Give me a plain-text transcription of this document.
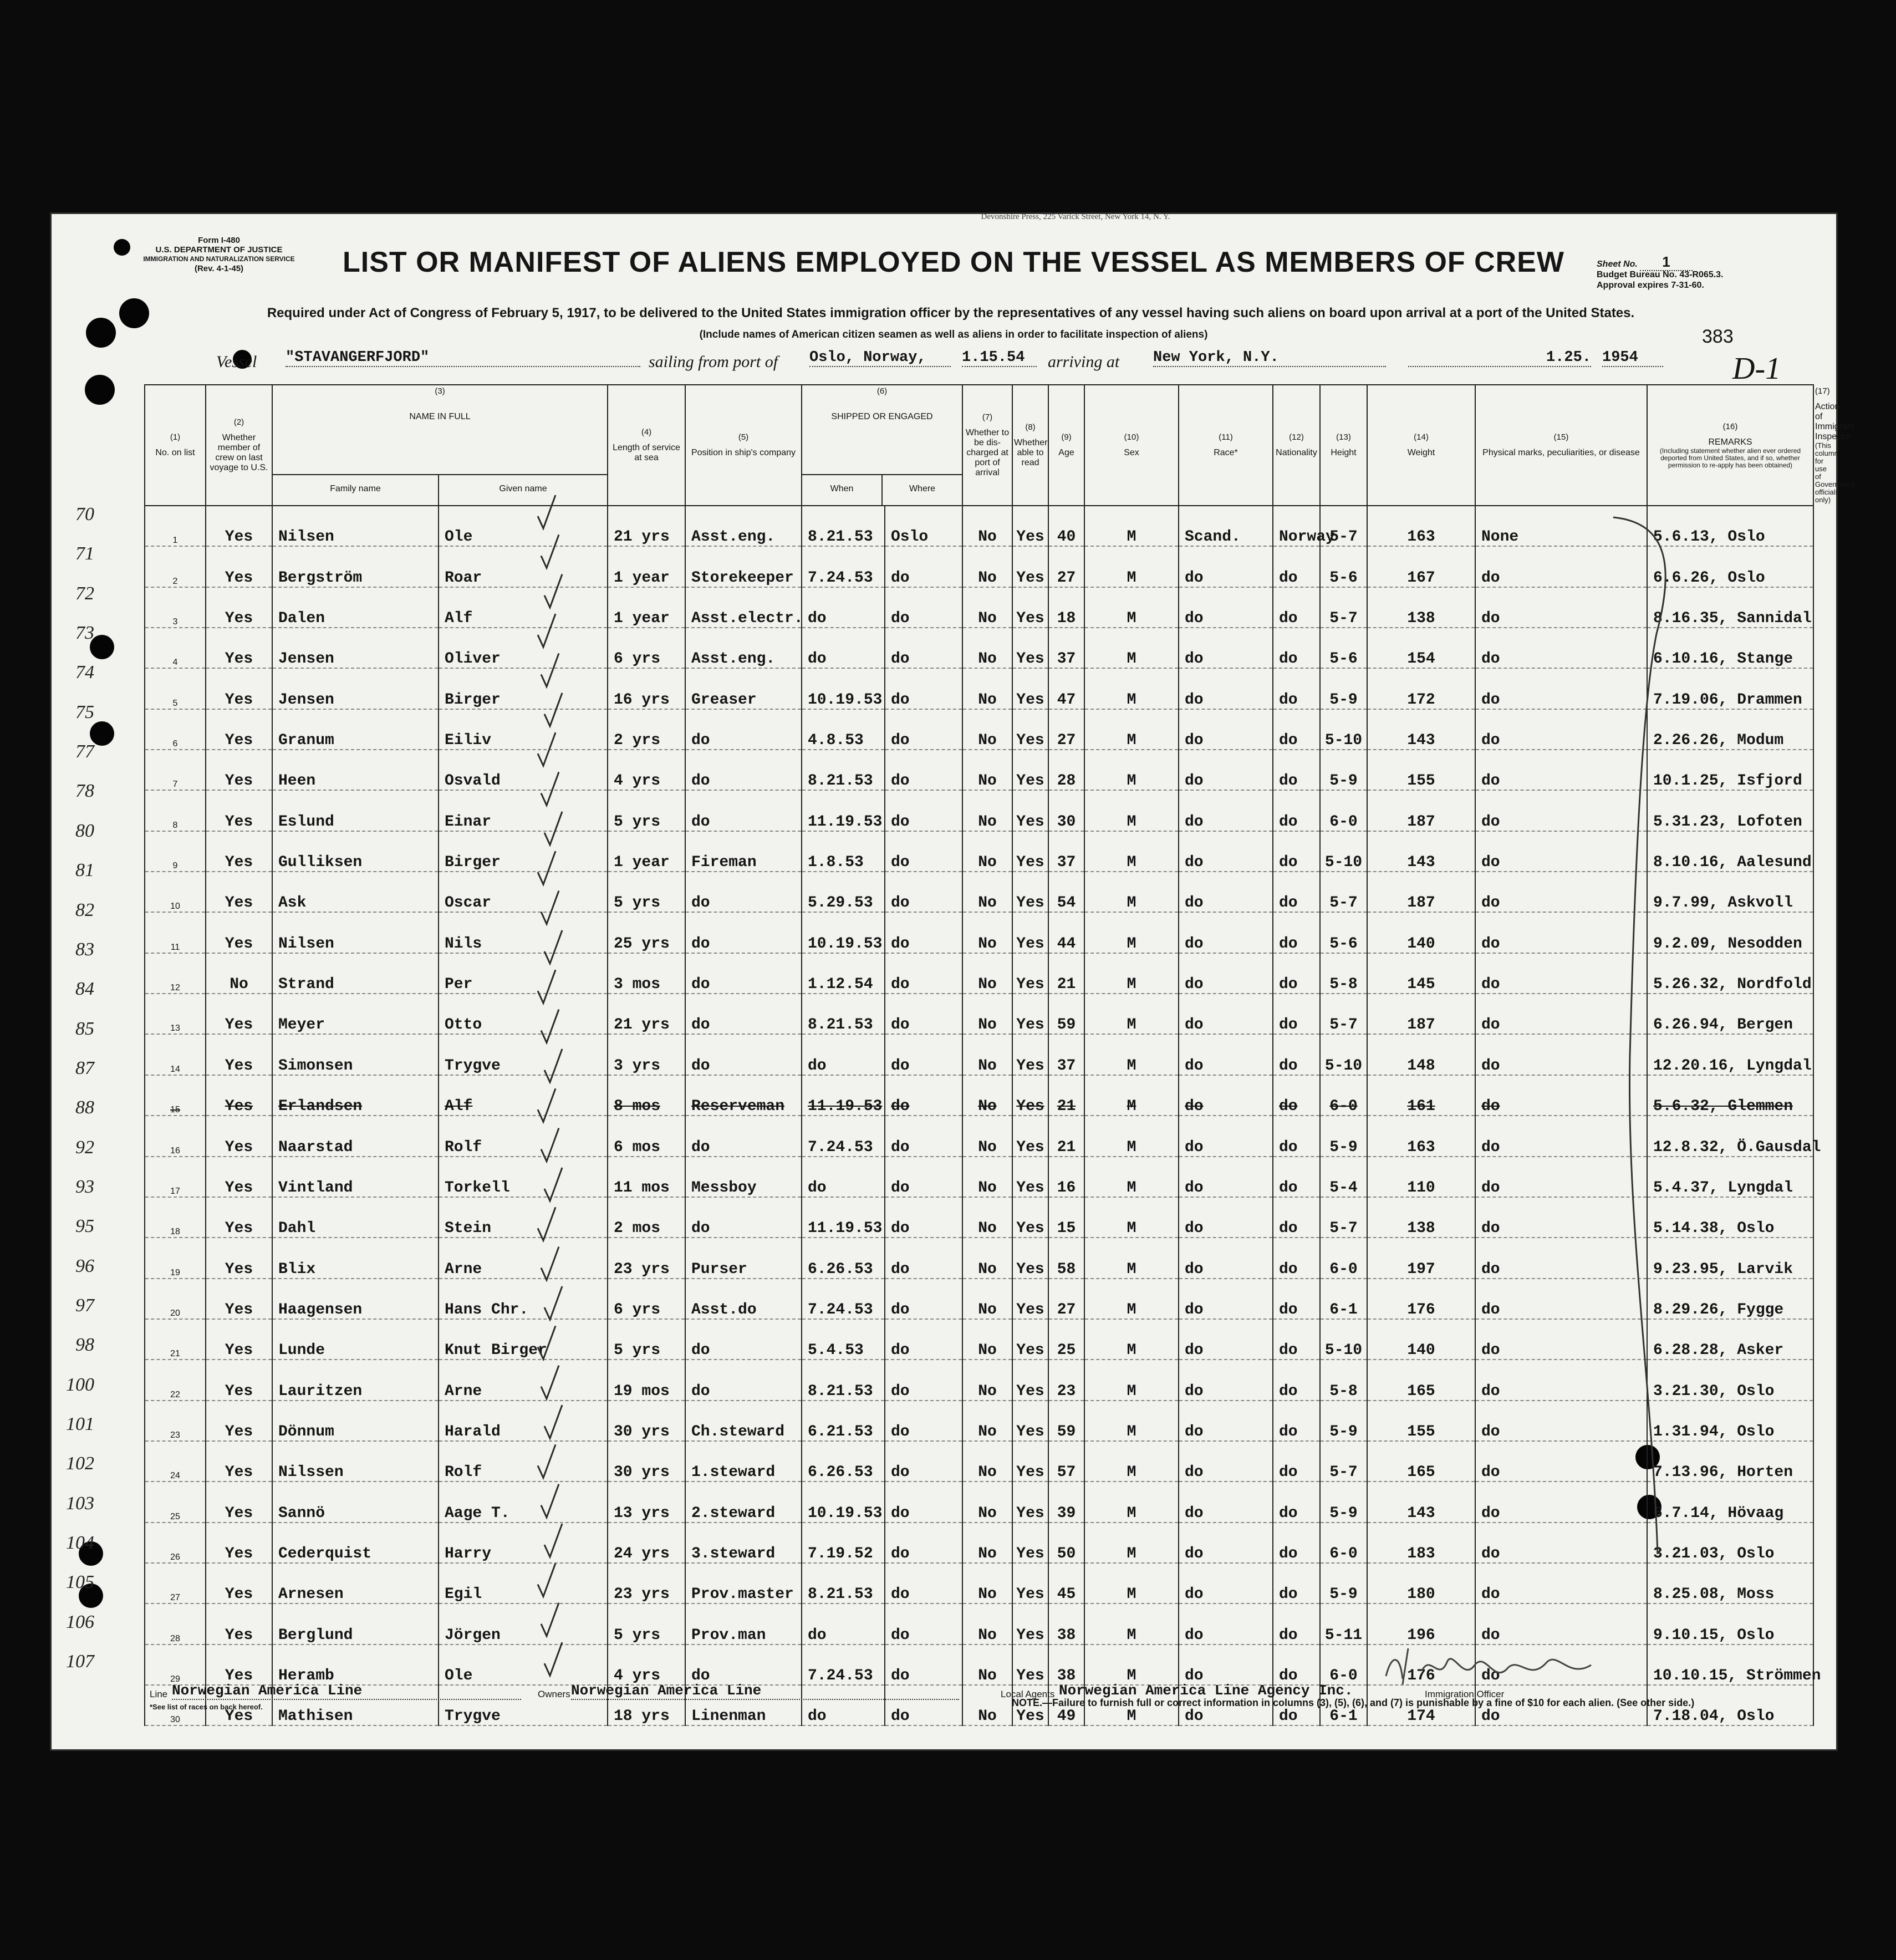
Devonshire Press, 225 Varick Street, New York 14, N. Y.
Form I-480
U.S. DEPARTMENT OF JUSTICE
IMMIGRATION AND NATURALIZATION SERVICE
(Rev. 4-1-45)	LIST OR MANIFEST OF ALIENS EMPLOYED ON THE VESSEL AS MEMBERS OF CREW
Required under Act of Congress of February 5, 1917, to be delivered to the United States immigration officer by the representatives of any vessel having such aliens on board upon arrival at a port of the United States.
(Include names of American citizen seamen as well as aliens in order to facilitate inspection of aliens)
Sheet No. 1
Budget Bureau No. 43-R065.3.
Approval expires 7-31-60.
383
Vessel "STAVANGERFJORD"	sailing from port of Oslo, Norway,	1.15.54	arriving at New York, N.Y.	1.25. 1954	D-1
70
71
72
73
74
75
77
78
80
81
82
83
84
85
87
88
92
93
95
96
97
98
100
101
102
103
104
105
106
107
(1)
No. on list	(2)
Whether member of crew on last voyage to U.S.	(3)
NAME IN FULL
Family name Given name		(4)
Length of service at sea	(5)
Position in ship's company	(6)
SHIPPED OR ENGAGED
When Where		(7)
Whether to be dis-charged at port of arrival	(8)
Whether able to read	(9)
Age	(10)
Sex	(11)
Race*	(12)
Nationality	(13)
Height	(14)
Weight	(15)
Physical marks, peculiarities, or disease	(16)
REMARKS
(Including statement whether alien ever ordered deported from United States, and if so, whether permission to re-apply has been obtained)	(17)
Action of Immigrant Inspector
(This column for use of Government officials only)

1	Yes	Nilsen	Ole	21 yrs	Asst.eng.	8.21.53	Oslo	No	Yes	40	M	Scand.	Norway	5-7	163	None	5.6.13, Oslo	
2	Yes	Bergström	Roar	1 year	Storekeeper	7.24.53	do	No	Yes	27	M	do	do	5-6	167	do	6.6.26, Oslo	
3	Yes	Dalen	Alf	1 year	Asst.electr.	do	do	No	Yes	18	M	do	do	5-7	138	do	8.16.35, Sannidal	
4	Yes	Jensen	Oliver	6 yrs	Asst.eng.	do	do	No	Yes	37	M	do	do	5-6	154	do	6.10.16, Stange	
5	Yes	Jensen	Birger	16 yrs	Greaser	10.19.53	do	No	Yes	47	M	do	do	5-9	172	do	7.19.06, Drammen	
6	Yes	Granum	Eiliv	2 yrs	do	4.8.53	do	No	Yes	27	M	do	do	5-10	143	do	2.26.26, Modum	
7	Yes	Heen	Osvald	4 yrs	do	8.21.53	do	No	Yes	28	M	do	do	5-9	155	do	10.1.25, Isfjord	
8	Yes	Eslund	Einar	5 yrs	do	11.19.53	do	No	Yes	30	M	do	do	6-0	187	do	5.31.23, Lofoten	
9	Yes	Gulliksen	Birger	1 year	Fireman	1.8.53	do	No	Yes	37	M	do	do	5-10	143	do	8.10.16, Aalesund	
10	Yes	Ask	Oscar	5 yrs	do	5.29.53	do	No	Yes	54	M	do	do	5-7	187	do	9.7.99, Askvoll	
11	Yes	Nilsen	Nils	25 yrs	do	10.19.53	do	No	Yes	44	M	do	do	5-6	140	do	9.2.09, Nesodden	
12	No	Strand	Per	3 mos	do	1.12.54	do	No	Yes	21	M	do	do	5-8	145	do	5.26.32, Nordfold	
13	Yes	Meyer	Otto	21 yrs	do	8.21.53	do	No	Yes	59	M	do	do	5-7	187	do	6.26.94, Bergen	
14	Yes	Simonsen	Trygve	3 yrs	do	do	do	No	Yes	37	M	do	do	5-10	148	do	12.20.16, Lyngdal	
15	Yes	Erlandsen	Alf	8 mos	Reserveman	11.19.53	do	No	Yes	21	M	do	do	6-0	161	do	5.6.32, Glemmen	
16	Yes	Naarstad	Rolf	6 mos	do	7.24.53	do	No	Yes	21	M	do	do	5-9	163	do	12.8.32, Ö.Gausdal	
17	Yes	Vintland	Torkell	11 mos	Messboy	do	do	No	Yes	16	M	do	do	5-4	110	do	5.4.37, Lyngdal	
18	Yes	Dahl	Stein	2 mos	do	11.19.53	do	No	Yes	15	M	do	do	5-7	138	do	5.14.38, Oslo	
19	Yes	Blix	Arne	23 yrs	Purser	6.26.53	do	No	Yes	58	M	do	do	6-0	197	do	9.23.95, Larvik	
20	Yes	Haagensen	Hans Chr.	6 yrs	Asst.do	7.24.53	do	No	Yes	27	M	do	do	6-1	176	do	8.29.26, Fygge	
21	Yes	Lunde	Knut Birger	5 yrs	do	5.4.53	do	No	Yes	25	M	do	do	5-10	140	do	6.28.28, Asker	
22	Yes	Lauritzen	Arne	19 mos	do	8.21.53	do	No	Yes	23	M	do	do	5-8	165	do	3.21.30, Oslo	
23	Yes	Dönnum	Harald	30 yrs	Ch.steward	6.21.53	do	No	Yes	59	M	do	do	5-9	155	do	1.31.94, Oslo	
24	Yes	Nilssen	Rolf	30 yrs	1.steward	6.26.53	do	No	Yes	57	M	do	do	5-7	165	do	7.13.96, Horten	
25	Yes	Sannö	Aage T.	13 yrs	2.steward	10.19.53	do	No	Yes	39	M	do	do	5-9	143	do	6.7.14, Hövaag	
26	Yes	Cederquist	Harry	24 yrs	3.steward	7.19.52	do	No	Yes	50	M	do	do	6-0	183	do	3.21.03, Oslo	
27	Yes	Arnesen	Egil	23 yrs	Prov.master	8.21.53	do	No	Yes	45	M	do	do	5-9	180	do	8.25.08, Moss	
28	Yes	Berglund	Jörgen	5 yrs	Prov.man	do	do	No	Yes	38	M	do	do	5-11	196	do	9.10.15, Oslo	
29	Yes	Heramb	Ole	4 yrs	do	7.24.53	do	No	Yes	38	M	do	do	6-0	176	do	10.10.15, Strömmen	
30	Yes	Mathisen	Trygve	18 yrs	Linenman	do	do	No	Yes	49	M	do	do	6-1	174	do	7.18.04, Oslo	
Line Norwegian America Line	Owners Norwegian America Line	Local Agents Norwegian America Line Agency Inc.	Immigration Officer
*See list of races on back hereof.	NOTE.—Failure to furnish full or correct information in columns (3), (5), (6), and (7) is punishable by a fine of $10 for each alien. (See other side.)
